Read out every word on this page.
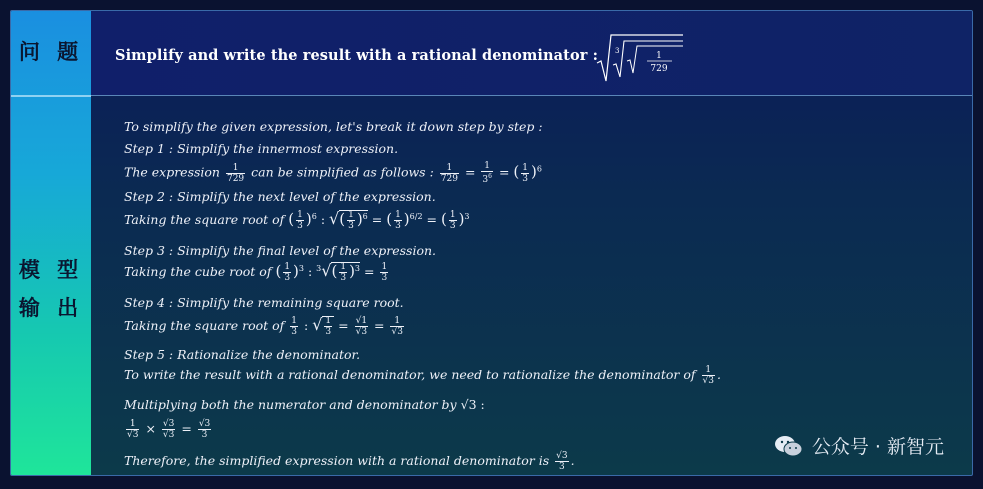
问 题
模 型
输 出
Simplify and write the result with a rational denominator : 3	1
729
To simplify the given expression, let's break it down step by step :
Step 1 : Simplify the innermost expression.
The expression $\frac{1}{729}$ can be simplified as follows : $\frac{1}{729} = \frac{1}{3^6}$ = ( $\frac{1}{3} )^6$
Step 2 : Simplify the next level of the expression.
Taking the square root of ( $\frac{1}{3} )^6$ : √( $\frac{1}{3} )^6$ = ( $\frac{1}{3} )^{6/2}$ = ( $\frac{1}{3} )^3$
Step 3 : Simplify the final level of the expression.
Taking the cube root of ( $\frac{1}{3} )^3$ : $^3√( \frac{1}{3} )^3 = \frac{1}{3}$
Step 4 : Simplify the remaining square root.
Taking the square root of $\frac{1}{3}$ : √ $\frac{1}{3} = \frac{√1}{√3} = \frac{1}{√3}$
Step 5 : Rationalize the denominator.
To write the result with a rational denominator, we need to rationalize the denominator of $\frac{1}{√3}$ .
Multiplying both the numerator and denominator by √3 :
$\frac{1}{√3} \times \frac{√3}{√3} = \frac{√3}{3}$
Therefore, the simplified expression with a rational denominator is $\frac{√3}{3}$ .
公众号 · 新智元
